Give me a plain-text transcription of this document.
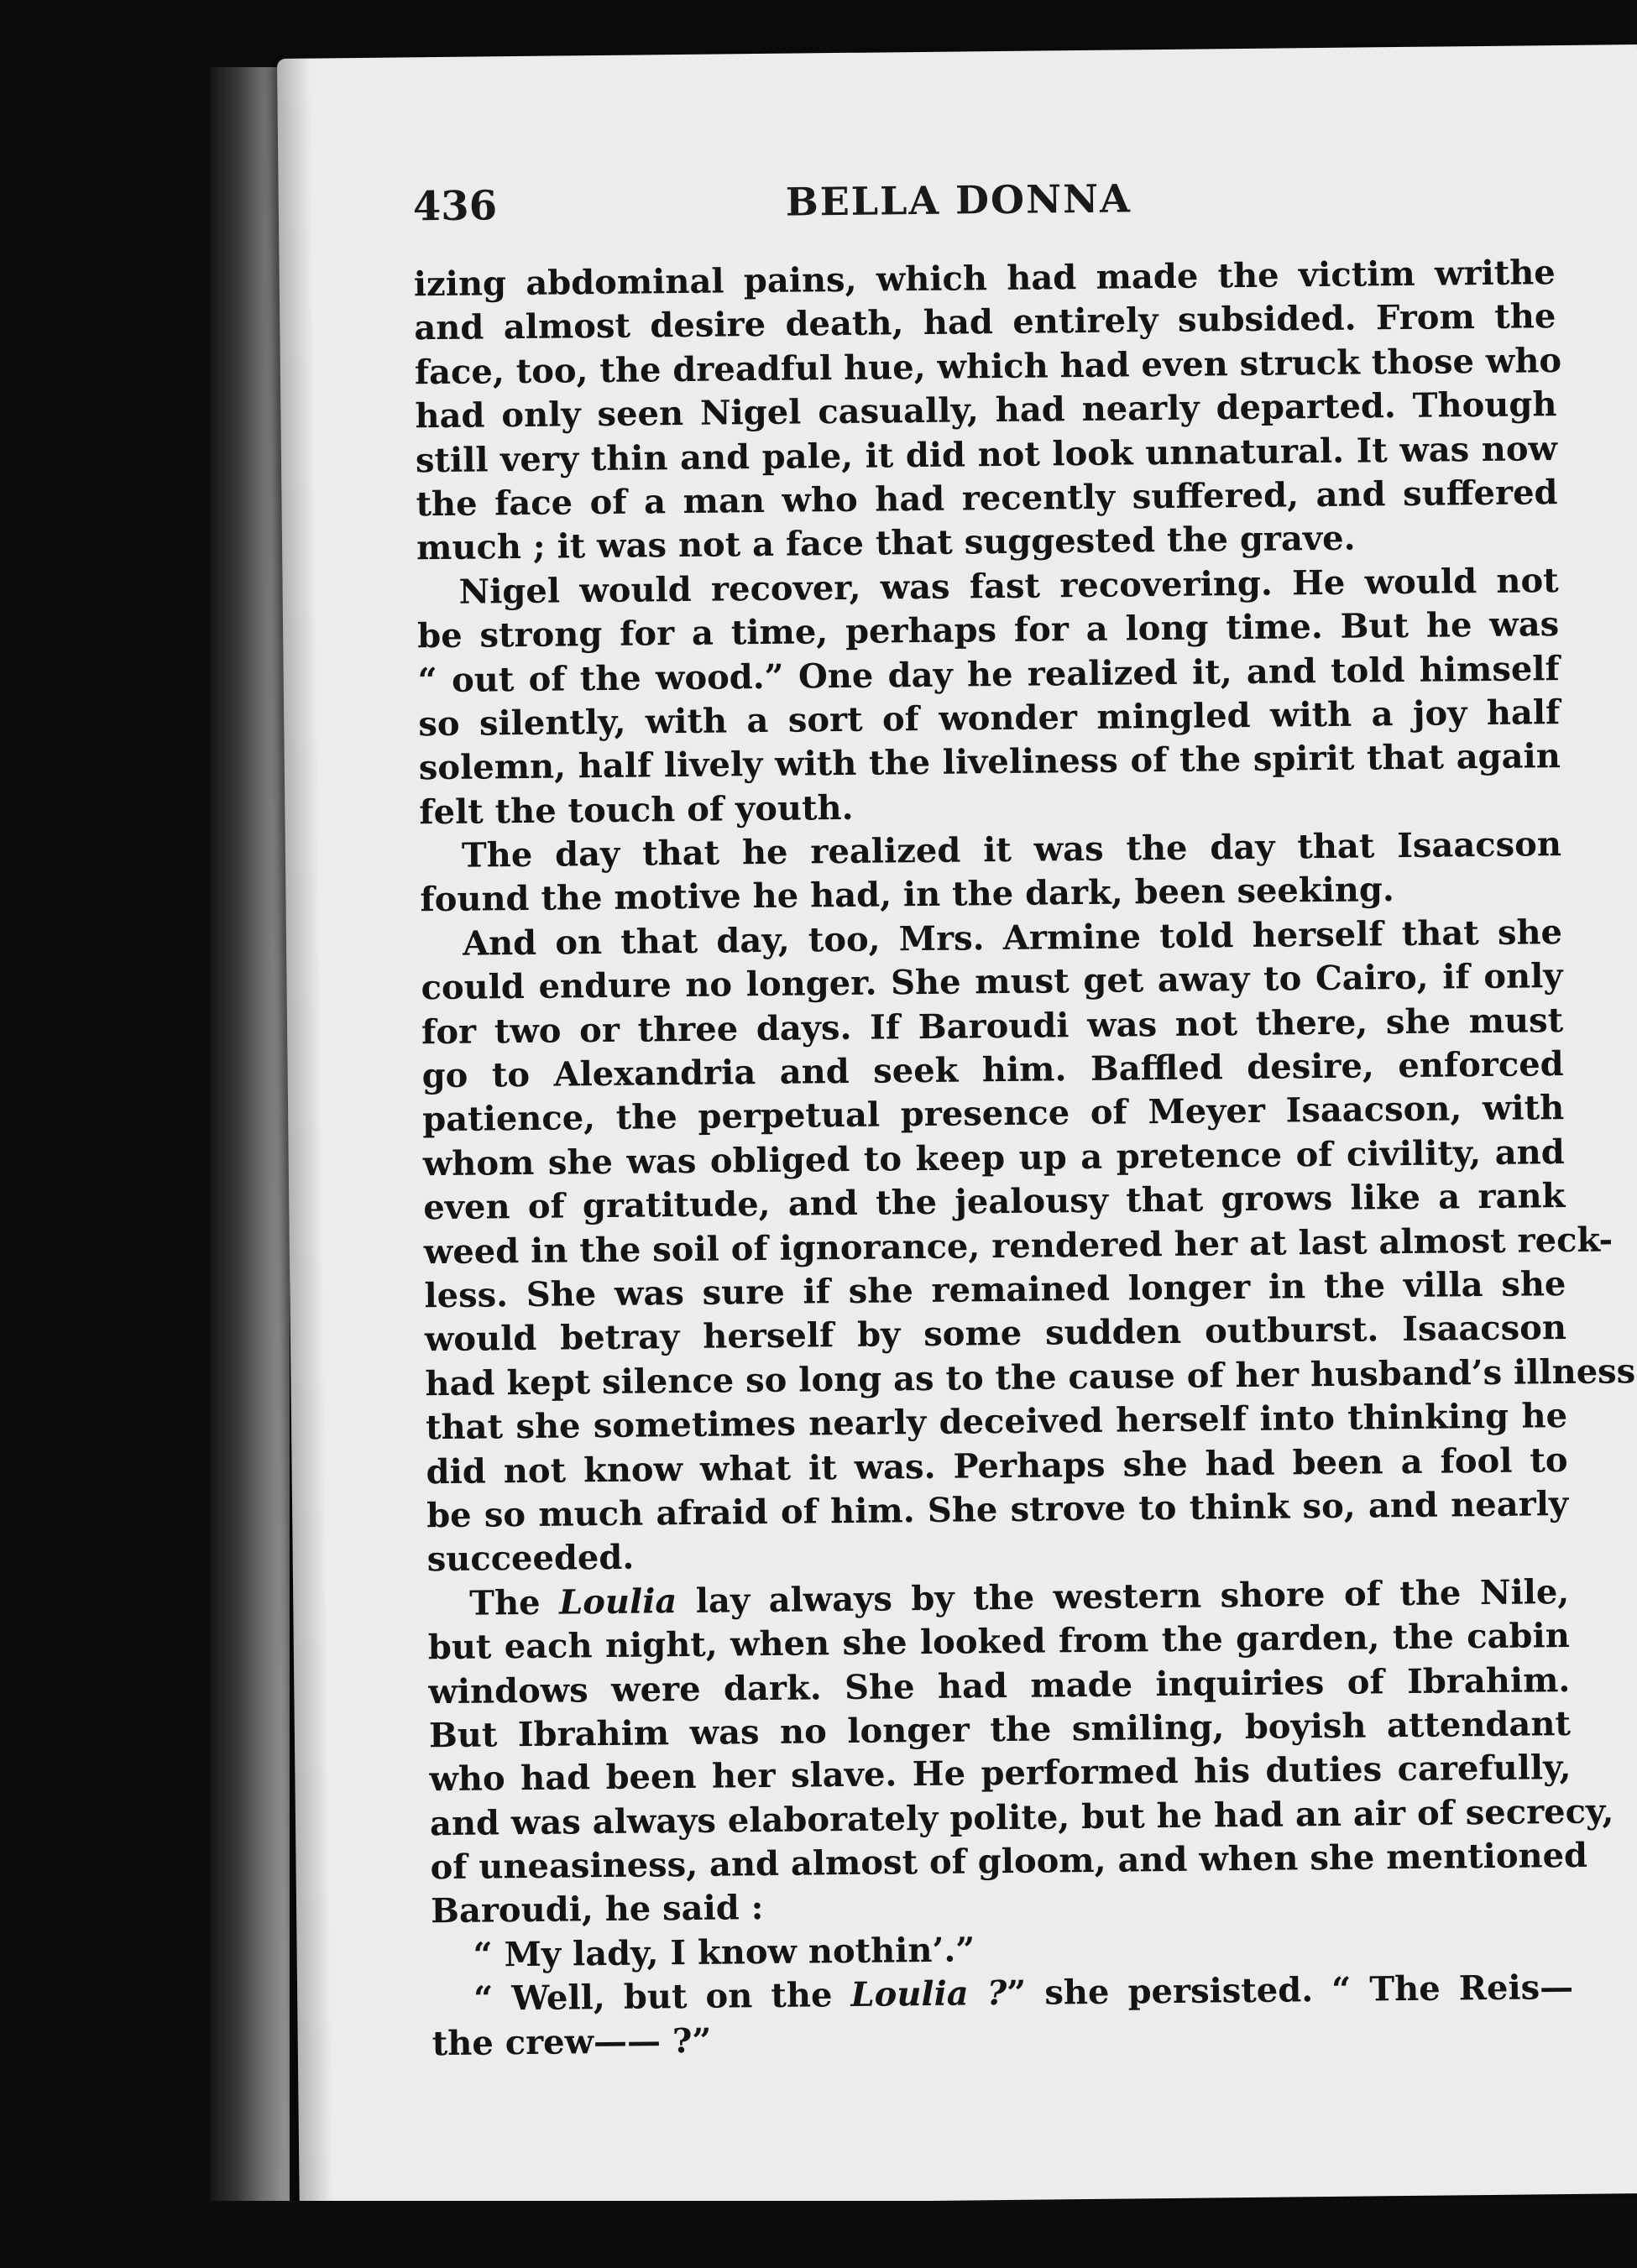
436	BELLA DONNA
izing abdominal pains, which had made the victim writhe
and almost desire death, had entirely subsided. From the
face, too, the dreadful hue, which had even struck those who
had only seen Nigel casually, had nearly departed. Though
still very thin and pale, it did not look unnatural. It was now
the face of a man who had recently suffered, and suffered
much ; it was not a face that suggested the grave.
Nigel would recover, was fast recovering. He would not
be strong for a time, perhaps for a long time. But he was
“ out of the wood.” One day he realized it, and told himself
so silently, with a sort of wonder mingled with a joy half
solemn, half lively with the liveliness of the spirit that again
felt the touch of youth.
The day that he realized it was the day that Isaacson
found the motive he had, in the dark, been seeking.
And on that day, too, Mrs. Armine told herself that she
could endure no longer. She must get away to Cairo, if only
for two or three days. If Baroudi was not there, she must
go to Alexandria and seek him. Baffled desire, enforced
patience, the perpetual presence of Meyer Isaacson, with
whom she was obliged to keep up a pretence of civility, and
even of gratitude, and the jealousy that grows like a rank
weed in the soil of ignorance, rendered her at last almost reck-
less. She was sure if she remained longer in the villa she
would betray herself by some sudden outburst. Isaacson
had kept silence so long as to the cause of her husband’s illness
that she sometimes nearly deceived herself into thinking he
did not know what it was. Perhaps she had been a fool to
be so much afraid of him. She strove to think so, and nearly
succeeded.
The Loulia lay always by the western shore of the Nile,
but each night, when she looked from the garden, the cabin
windows were dark. She had made inquiries of Ibrahim.
But Ibrahim was no longer the smiling, boyish attendant
who had been her slave. He performed his duties carefully,
and was always elaborately polite, but he had an air of secrecy,
of uneasiness, and almost of gloom, and when she mentioned
Baroudi, he said :
“ My lady, I know nothin’.”
“ Well, but on the Loulia ?” she persisted. “ The Reis—
the crew—— ?”
